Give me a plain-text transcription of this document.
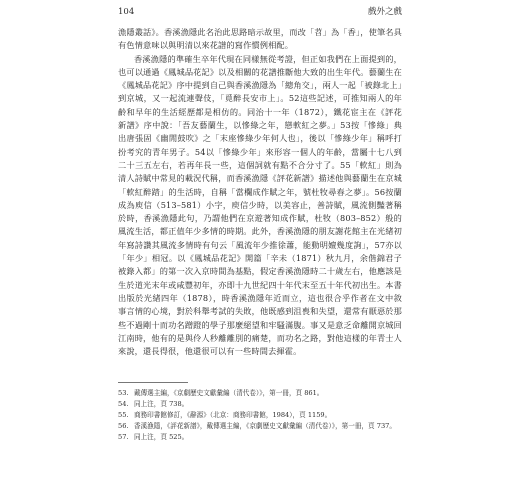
104	戲外之戲

漁隱叢話》。香溪漁隱此名治此思路暗示故里，而改「苕」為「香」，使筆名具有色情意味以與明清以來花譜的寫作慣例相配。

香溪漁隱的準確生卒年代現在同樣無從考證，但正如我們在上面提到的，也可以通過《鳳城品花記》以及相關的花譜推斷他大致的出生年代。藝蘭生在《鳳城品花記》序中提到自己與香溪漁隱為「總角交」，兩人一起「被錄北上」到京城，又一起流連聲伎，「覓醉長安市上」。52這些記述，可推知兩人的年齡和早年的生活經歷都是相仿的。同治十一年（1872），鐵花宦主在《評花新譜》序中說：「吾友藝蘭生，以慘綠之年，戀軟紅之夢。」53按「慘綠」典出唐張固《幽閒鼓吹》之「末座慘綠少年何人也」，後以「慘綠少年」稱呼打扮考究的青年男子。54以「慘綠少年」來形容一個人的年齡，當屬十七八到二十三五左右，若再年長一些，這個詞就有點不合分寸了。55「軟紅」則為清人詩賦中常見的載況代稱，而香溪漁隱《評花新譜》描述他與藝蘭生在京城「軟紅醉踏」的生活時，自稱「當欄成作賦之年，號杜牧尋春之夢」。56按蘭成為庾信（513–581）小字，庾信少時，以美容止，善詩賦，風流側豔著稱於時，香溪漁隱此句，乃謂他們在京遊著知成作賦，杜牧（803–852）般的風流生活，都正值年少多情的時期。此外，香溪漁隱的朋友謝花館主在光緒初年寫詩讚其風流多情時有句云「風流年少推徐蕭，能動明嬗幾度詢」，57亦以「年少」相冠。以《鳳城品花記》開篇「辛未（1871）秋九月，余偕錦君子被錄入都」的第一次入京時間為基點，假定香溪漁隱時二十歲左右，他應該是生於道光末年或咸豐初年，亦即十九世紀四十年代末至五十年代初出生。本書出版於光緒四年（1878），時香溪漁隱年近而立，這也很合乎作者在文中敘事言情的心境，對於科舉考試的失敗，他既感到沮喪和失望，還常有厭惡於那些不過剛十而功名蹭蹬的學子那麼絕望和牢騷滿腹。事又是意乏命離開京城回江南時，他有的是與伶人秒離離別的痛楚，而功名之路，對他這樣的年青士人來說，還長得很，他還很可以有一些時間去揮霍。

53. 戴傳選主編，《京劇歷史文獻彙編（清代卷）》，第一冊，頁 861。
54. 同上注，頁 738。
55. 商務印書館修訂，《辭源》（北京：商務印書館，1984），頁 1159。
56. 香溪漁隱，《評花新譜》，戴傳選主編，《京劇歷史文獻彙編（清代卷）》，第一冊，頁 737。
57. 同上注，頁 525。
